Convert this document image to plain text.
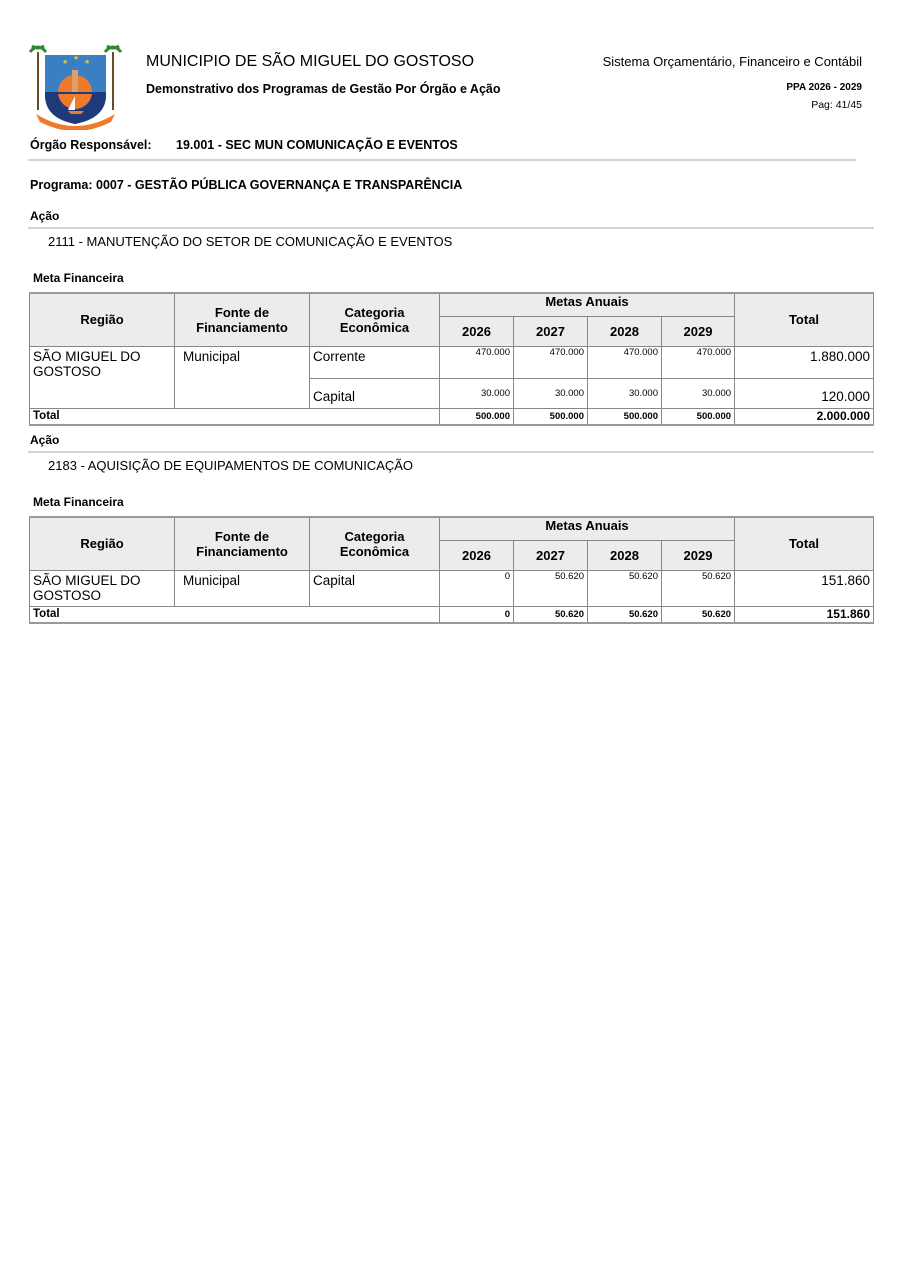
★
★
★	MUNICIPIO DE SÃO MIGUEL DO GOSTOSO
Demonstrativo dos Programas de Gestão Por Órgão e Ação
Sistema Orçamentário, Financeiro e Contábil
PPA 2026 - 2029
Pag: 41/45
Órgão Responsável: 19.001 - SEC MUN COMUNICAÇÃO E EVENTOS
Programa: 0007 - GESTÃO PÚBLICA GOVERNANÇA E TRANSPARÊNCIA
Ação
2111 - MANUTENÇÃO DO SETOR DE COMUNICAÇÃO E EVENTOS
Meta Financeira
Região	Fonte de Financiamento	Categoria Econômica	Metas Anuais				Total
			2026	2027	2028	2029	
SÃO MIGUEL DO GOSTOSO	Municipal	Corrente	470.000	470.000	470.000	470.000	1.880.000
		Capital	30.000	30.000	30.000	30.000	120.000
Total			500.000	500.000	500.000	500.000	2.000.000
Ação
2183 - AQUISIÇÃO DE EQUIPAMENTOS DE COMUNICAÇÃO
Meta Financeira
Região	Fonte de Financiamento	Categoria Econômica	Metas Anuais				Total
			2026	2027	2028	2029	
SÃO MIGUEL DO GOSTOSO	Municipal	Capital	0	50.620	50.620	50.620	151.860
Total			0	50.620	50.620	50.620	151.860
